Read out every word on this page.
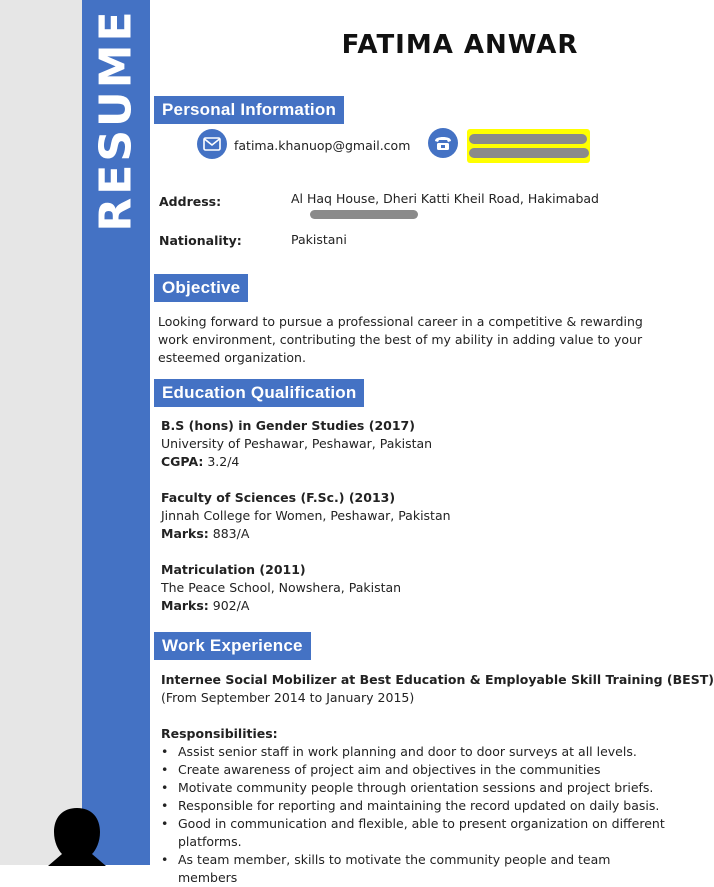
RESUME	FATIMA ANWAR
Personal Information
fatima.khanuop@gmail.com
Address:	Al Haq House, Dheri Katti Kheil Road, Hakimabad
Nationality:	Pakistani
Objective
Looking forward to pursue a professional career in a competitive & rewarding work environment, contributing the best of my ability in adding value to your esteemed organization.
Education Qualification
B.S (hons) in Gender Studies (2017)
University of Peshawar, Peshawar, Pakistan
CGPA: 3.2/4
Faculty of Sciences (F.Sc.) (2013)
Jinnah College for Women, Peshawar, Pakistan
Marks: 883/A
Matriculation (2011)
The Peace School, Nowshera, Pakistan
Marks: 902/A
Work Experience
Internee Social Mobilizer at Best Education & Employable Skill Training (BEST)
(From September 2014 to January 2015)
Responsibilities:
• Assist senior staff in work planning and door to door surveys at all levels.
• Create awareness of project aim and objectives in the communities
• Motivate community people through orientation sessions and project briefs.
• Responsible for reporting and maintaining the record updated on daily basis.
• Good in communication and flexible, able to present organization on different platforms.
• As team member, skills to motivate the community people and team members
